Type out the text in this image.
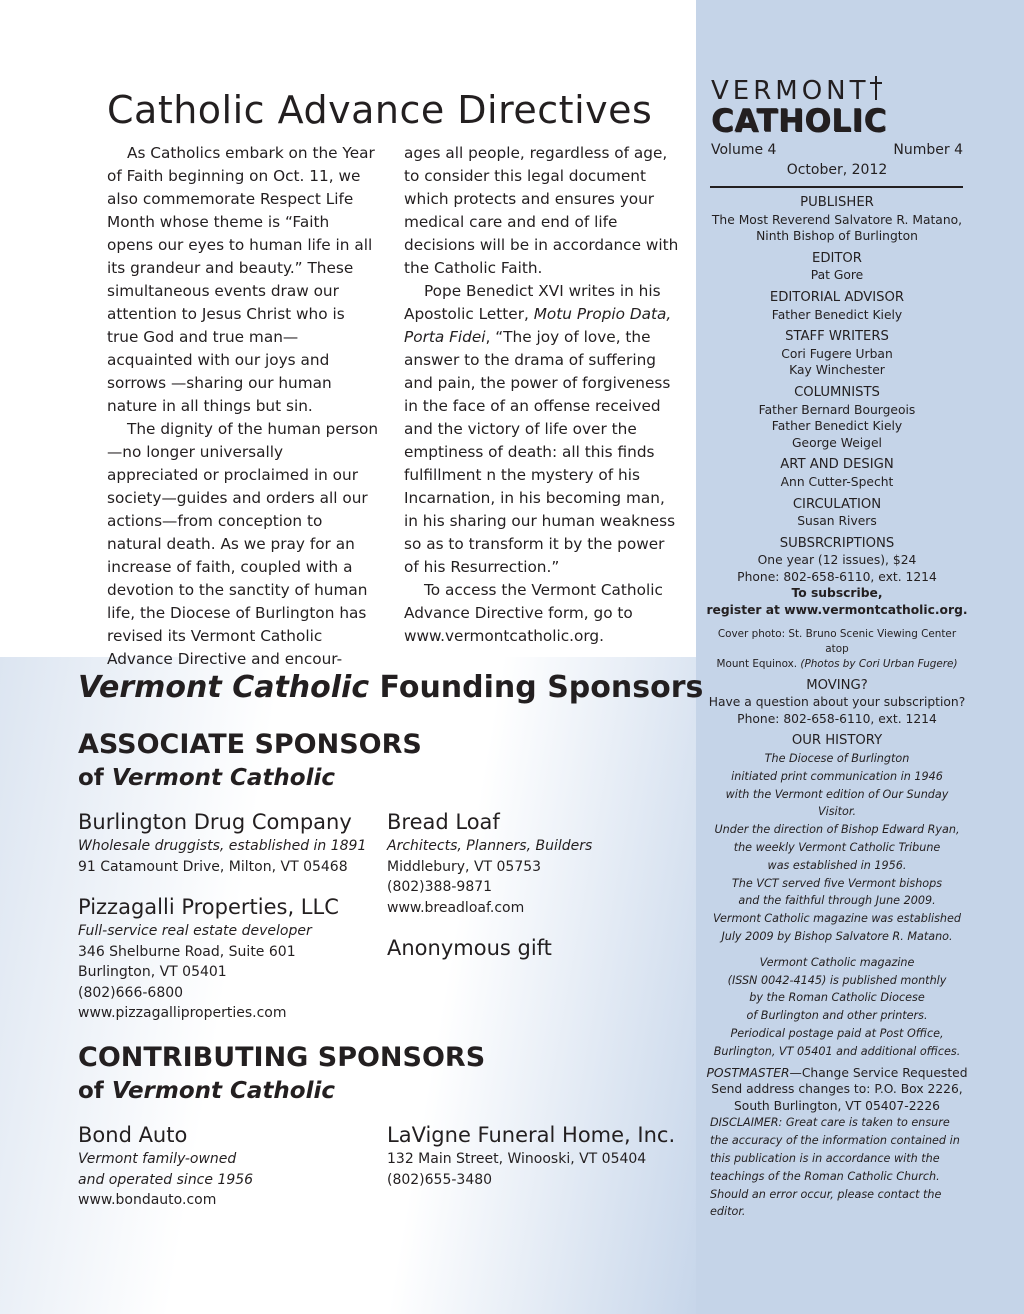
Catholic Advance Directives

As Catholics embark on the Year of Faith beginning on Oct. 11, we also commemorate Respect Life Month whose theme is “Faith opens our eyes to human life in all its grandeur and beauty.” These simultaneous events draw our attention to Jesus Christ who is true God and true man—acquainted with our joys and sorrows —sharing our human nature in all things but sin.

The dignity of the human person—no longer universally appreciated or proclaimed in our society—guides and orders all our actions—from conception to natural death. As we pray for an increase of faith, coupled with a devotion to the sanctity of human life, the Diocese of Burlington has revised its Vermont Catholic Advance Directive and encour-

ages all people, regardless of age, to consider this legal document which protects and ensures your medical care and end of life decisions will be in accordance with the Catholic Faith.

Pope Benedict XVI writes in his Apostolic Letter, Motu Propio Data, Porta Fidei, “The joy of love, the answer to the drama of suffering and pain, the power of forgiveness in the face of an offense received and the victory of life over the emptiness of death: all this finds fulfillment n the mystery of his Incarnation, in his becoming man, in his sharing our human weakness so as to transform it by the power of his Resurrection.”

To access the Vermont Catholic Advance Directive form, go to www.vermontcatholic.org.

Vermont Catholic Founding Sponsors
ASSOCIATE SPONSORS
of Vermont Catholic
Burlington Drug Company
Wholesale druggists, established in 1891
91 Catamount Drive, Milton, VT 05468
Bread Loaf
Architects, Planners, Builders
Middlebury, VT 05753
(802)388-9871
www.breadloaf.com
Pizzagalli Properties, LLC
Full-service real estate developer
346 Shelburne Road, Suite 601
Burlington, VT 05401
(802)666-6800
www.pizzagalliproperties.com
Anonymous gift
CONTRIBUTING SPONSORS
of Vermont Catholic
Bond Auto
Vermont family-owned
and operated since 1956
www.bondauto.com
LaVigne Funeral Home, Inc.
132 Main Street, Winooski, VT 05404
(802)655-3480
VERMONT
CATHOLIC
Volume 4	Number 4
October, 2012
PUBLISHER
The Most Reverend Salvatore R. Matano,
Ninth Bishop of Burlington
EDITOR
Pat Gore
EDITORIAL ADVISOR
Father Benedict Kiely
STAFF WRITERS
Cori Fugere Urban
Kay Winchester
COLUMNISTS
Father Bernard Bourgeois
Father Benedict Kiely
George Weigel
ART AND DESIGN
Ann Cutter-Specht
CIRCULATION
Susan Rivers
SUBSRCRIPTIONS
One year (12 issues), $24
Phone: 802-658-6110, ext. 1214
To subscribe,
register at www.vermontcatholic.org.
Cover photo: St. Bruno Scenic Viewing Center atop
Mount Equinox. (Photos by Cori Urban Fugere)
MOVING?
Have a question about your subscription?
Phone: 802-658-6110, ext. 1214
OUR HISTORY
The Diocese of Burlington
initiated print communication in 1946
with the Vermont edition of Our Sunday Visitor.
Under the direction of Bishop Edward Ryan,
the weekly Vermont Catholic Tribune
was established in 1956.
The VCT served five Vermont bishops
and the faithful through June 2009.
Vermont Catholic magazine was established
July 2009 by Bishop Salvatore R. Matano.
Vermont Catholic magazine
(ISSN 0042-4145) is published monthly
by the Roman Catholic Diocese
of Burlington and other printers.
Periodical postage paid at Post Office,
Burlington, VT 05401 and additional offices.
POSTMASTER—Change Service Requested
Send address changes to: P.O. Box 2226,
South Burlington, VT 05407-2226
DISCLAIMER: Great care is taken to ensure the accuracy of the information contained in this publication is in accordance with the teachings of the Roman Catholic Church. Should an error occur, please contact the editor.
